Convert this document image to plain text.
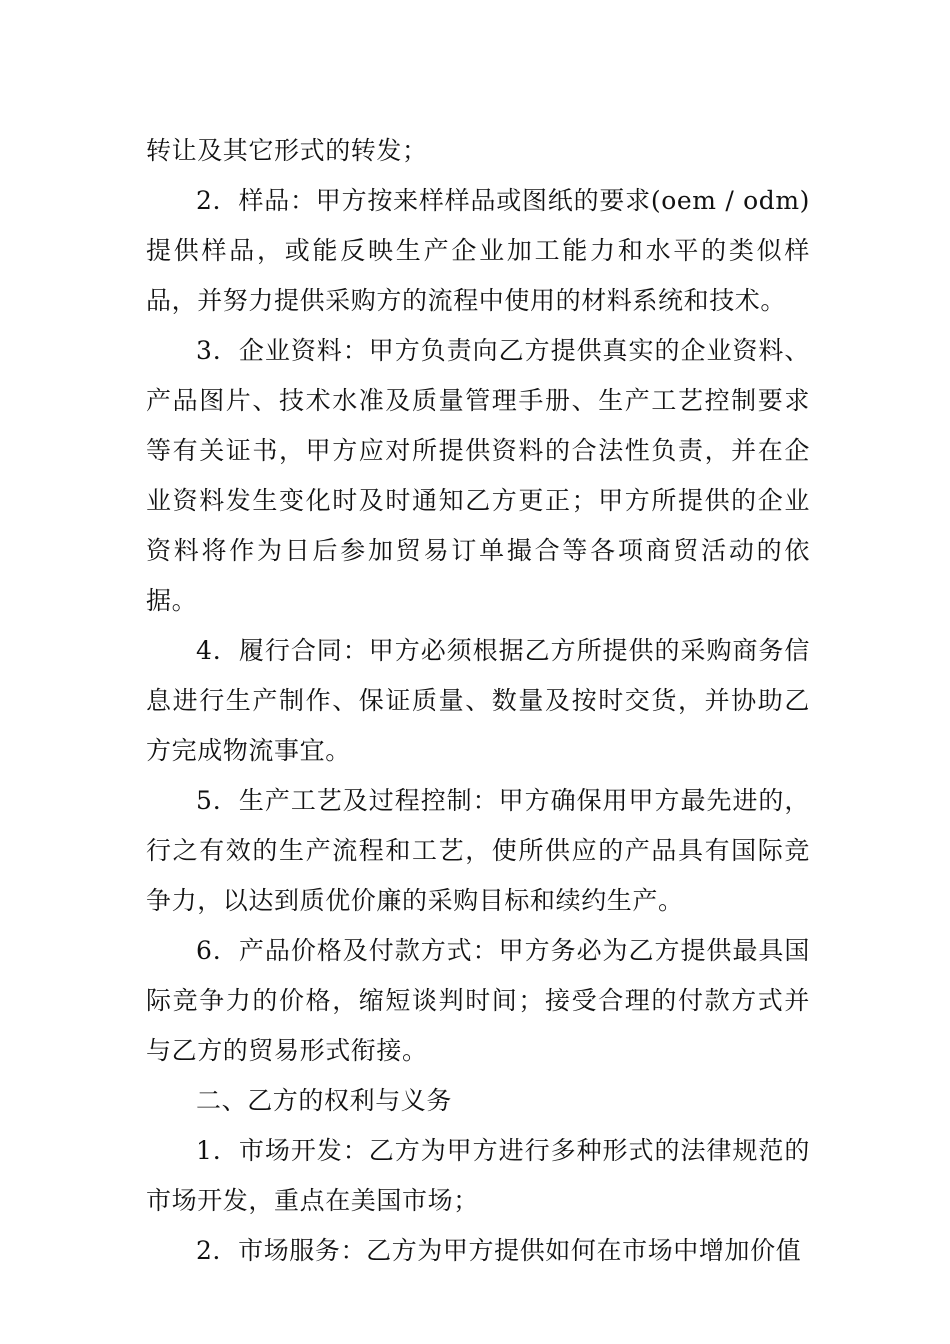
转让及其它形式的转发；

2．样品：甲方按来样样品或图纸的要求(oem / odm)提供样品，或能反映生产企业加工能力和水平的类似样品，并努力提供采购方的流程中使用的材料系统和技术。

3．企业资料：甲方负责向乙方提供真实的企业资料、产品图片、技术水准及质量管理手册、生产工艺控制要求等有关证书，甲方应对所提供资料的合法性负责，并在企业资料发生变化时及时通知乙方更正；甲方所提供的企业资料将作为日后参加贸易订单撮合等各项商贸活动的依据。

4．履行合同：甲方必须根据乙方所提供的采购商务信息进行生产制作、保证质量、数量及按时交货，并协助乙方完成物流事宜。

5．生产工艺及过程控制：甲方确保用甲方最先进的，行之有效的生产流程和工艺，使所供应的产品具有国际竞争力，以达到质优价廉的采购目标和续约生产。

6．产品价格及付款方式：甲方务必为乙方提供最具国际竞争力的价格，缩短谈判时间；接受合理的付款方式并与乙方的贸易形式衔接。

二、乙方的权利与义务

1．市场开发：乙方为甲方进行多种形式的法律规范的市场开发，重点在美国市场；

2．市场服务：乙方为甲方提供如何在市场中增加价值
